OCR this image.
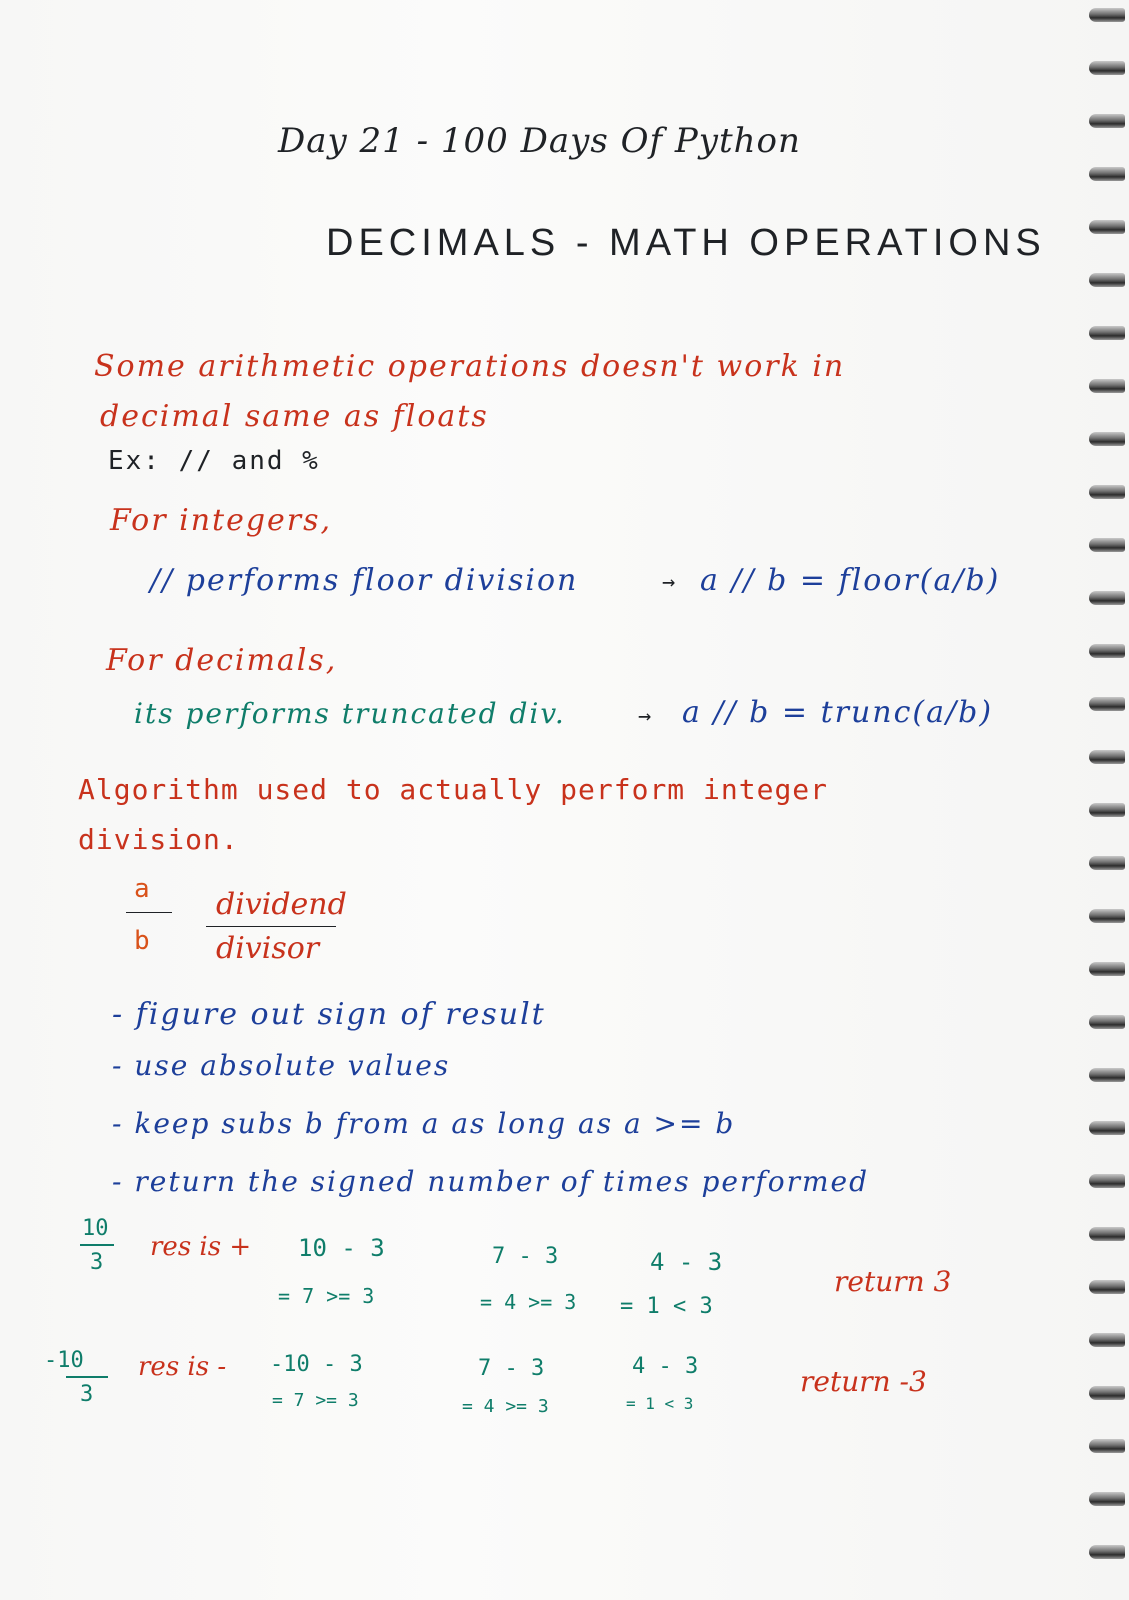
Day 21 - 100 Days Of Python
DECIMALS - MATH OPERATIONS
Some arithmetic operations doesn't work in
decimal same as floats
Ex: // and %
For integers,
// performs floor division	→ a // b = floor(a/b)
For decimals,
its performs truncated div.	→ a // b = trunc(a/b)
Algorithm used to actually perform integer
division.
a
b
dividend
divisor
- figure out sign of result
- use absolute values
- keep subs b from a as long as a >= b
- return the signed number of times performed
10
3
res is + 10 - 3
= 7 >= 3
7 - 3
= 4 >= 3
4 - 3
= 1 < 3
return 3
-10
3
res is - -10 - 3
= 7 >= 3
7 - 3
= 4 >= 3
4 - 3
= 1 < 3
return -3
